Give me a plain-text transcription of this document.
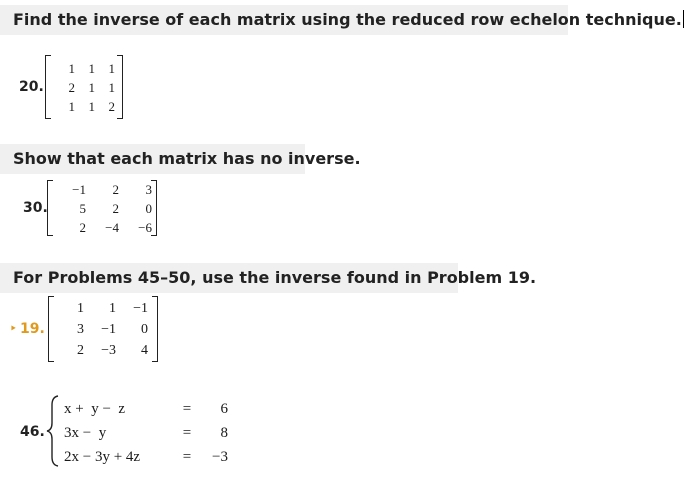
Find the inverse of each matrix using the reduced row echelon technique.
20.
1	1	1
2	1	1
1	1	2
Show that each matrix has no inverse.
30.
−1	2	3
5	2	0
2	−4	−6
For Problems 45–50, use the inverse found in Problem 19.
‣ 19.
1	1	−1
3	−1	0
2	−3	4
46.
x +  y −  z	=	6
3x −  y	=	8
2x − 3y + 4z	=	−3
